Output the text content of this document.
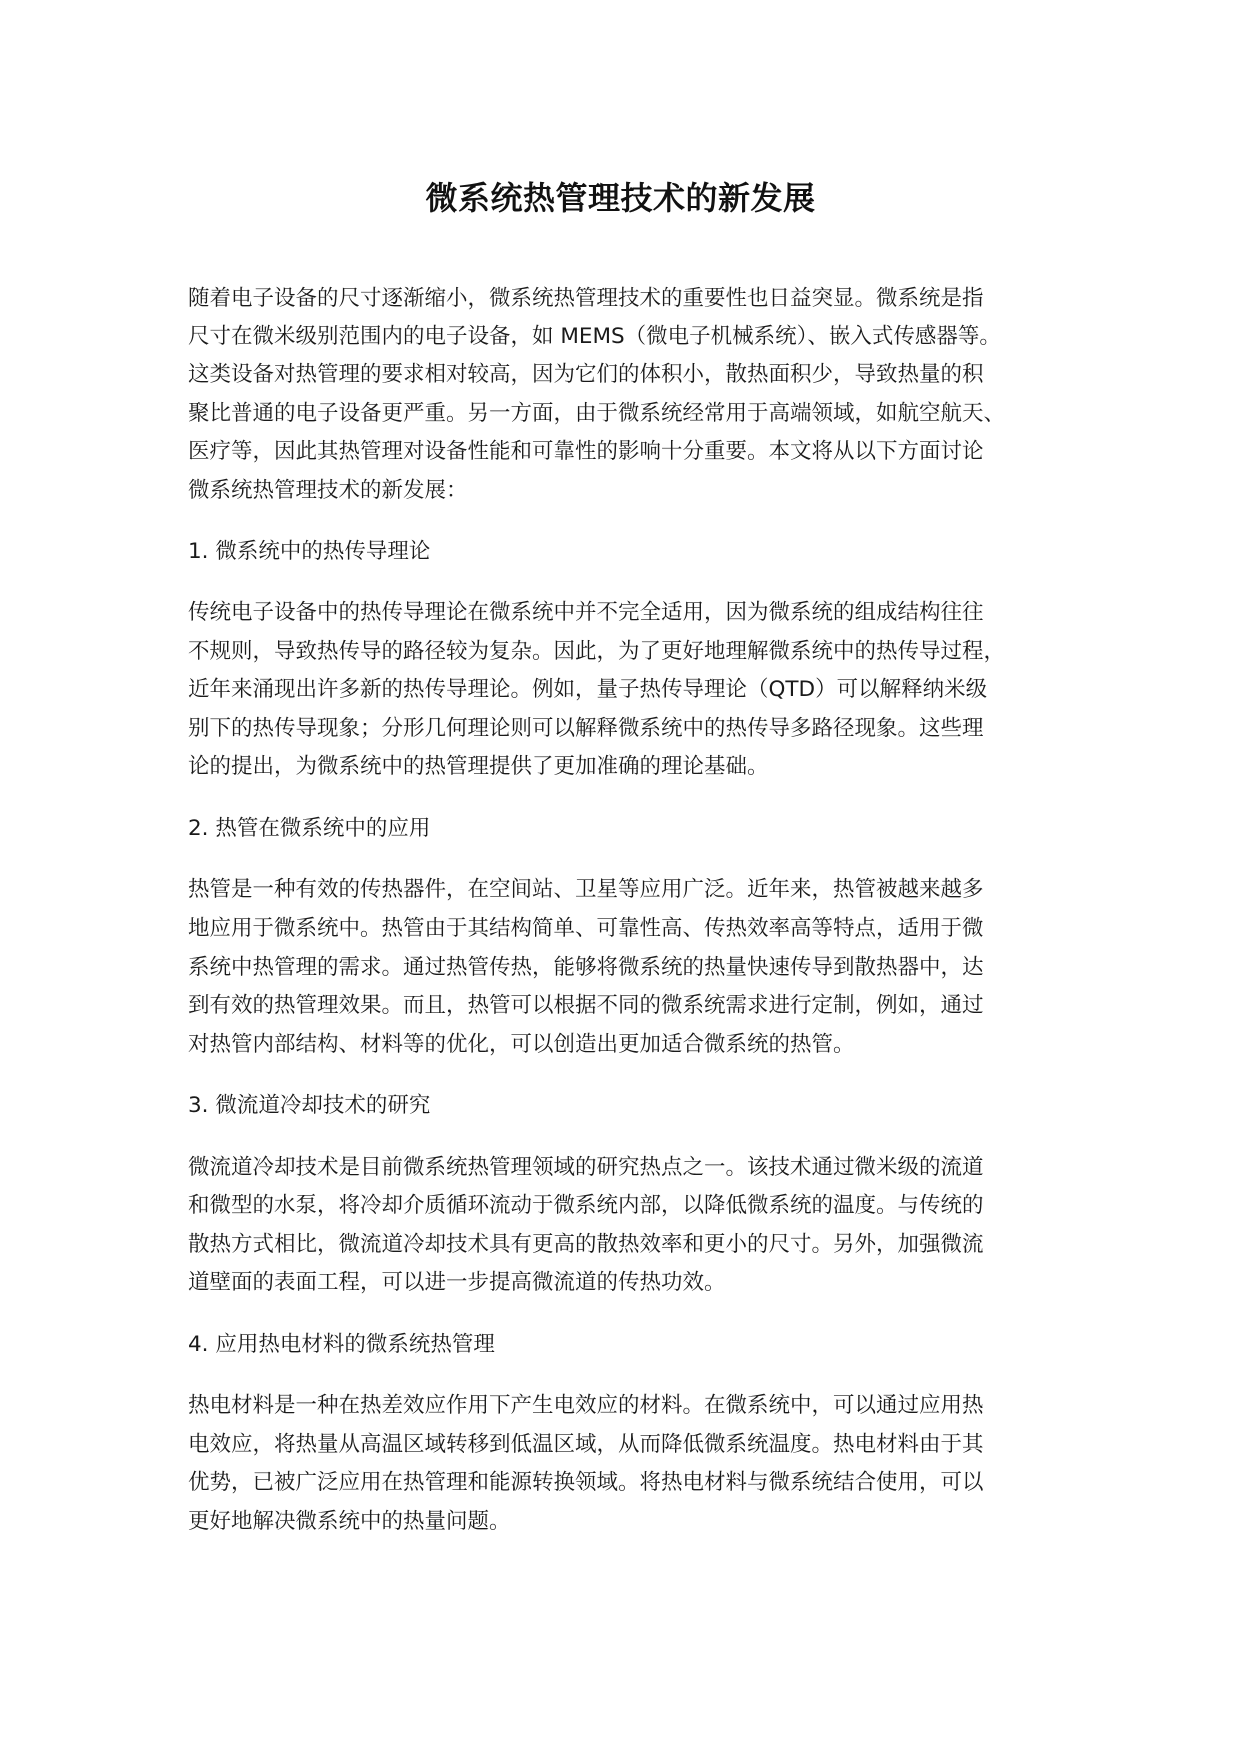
微系统热管理技术的新发展
随着电子设备的尺寸逐渐缩小，微系统热管理技术的重要性也日益突显。微系统是指
尺寸在微米级别范围内的电子设备，如 MEMS（微电子机械系统）、嵌入式传感器等。
这类设备对热管理的要求相对较高，因为它们的体积小，散热面积少，导致热量的积
聚比普通的电子设备更严重。另一方面，由于微系统经常用于高端领域，如航空航天、
医疗等，因此其热管理对设备性能和可靠性的影响十分重要。本文将从以下方面讨论
微系统热管理技术的新发展：
1. 微系统中的热传导理论
传统电子设备中的热传导理论在微系统中并不完全适用，因为微系统的组成结构往往
不规则，导致热传导的路径较为复杂。因此，为了更好地理解微系统中的热传导过程，
近年来涌现出许多新的热传导理论。例如，量子热传导理论（QTD）可以解释纳米级
别下的热传导现象；分形几何理论则可以解释微系统中的热传导多路径现象。这些理
论的提出，为微系统中的热管理提供了更加准确的理论基础。
2. 热管在微系统中的应用
热管是一种有效的传热器件，在空间站、卫星等应用广泛。近年来，热管被越来越多
地应用于微系统中。热管由于其结构简单、可靠性高、传热效率高等特点，适用于微
系统中热管理的需求。通过热管传热，能够将微系统的热量快速传导到散热器中，达
到有效的热管理效果。而且，热管可以根据不同的微系统需求进行定制，例如，通过
对热管内部结构、材料等的优化，可以创造出更加适合微系统的热管。
3. 微流道冷却技术的研究
微流道冷却技术是目前微系统热管理领域的研究热点之一。该技术通过微米级的流道
和微型的水泵，将冷却介质循环流动于微系统内部，以降低微系统的温度。与传统的
散热方式相比，微流道冷却技术具有更高的散热效率和更小的尺寸。另外，加强微流
道壁面的表面工程，可以进一步提高微流道的传热功效。
4. 应用热电材料的微系统热管理
热电材料是一种在热差效应作用下产生电效应的材料。在微系统中，可以通过应用热
电效应，将热量从高温区域转移到低温区域，从而降低微系统温度。热电材料由于其
优势，已被广泛应用在热管理和能源转换领域。将热电材料与微系统结合使用，可以
更好地解决微系统中的热量问题。
